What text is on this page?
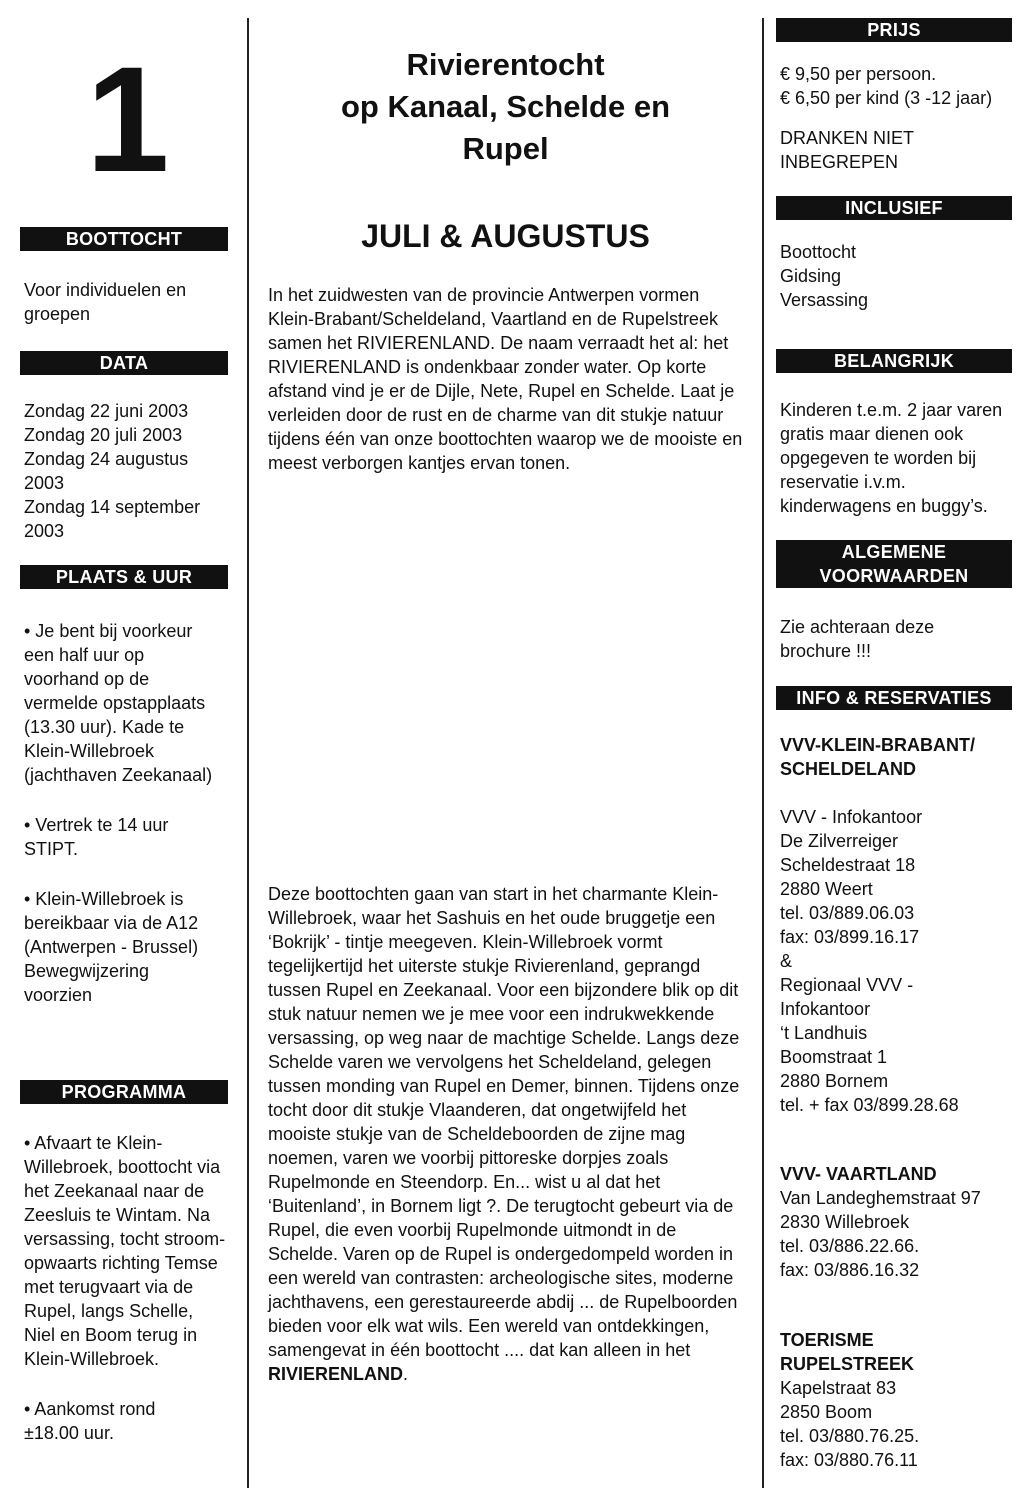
1
BOOTTOCHT
Voor individuelen en groepen
DATA
Zondag 22 juni 2003
Zondag 20 juli 2003
Zondag 24 augustus 2003
Zondag 14 september 2003
PLAATS & UUR
• Je bent bij voorkeur een half uur op voorhand op de vermelde opstapplaats (13.30 uur). Kade te Klein-Willebroek (jachthaven Zeekanaal)
• Vertrek te 14 uur STIPT.
• Klein-Willebroek is bereikbaar via de A12 (Antwerpen - Brussel) Bewegwijzering voorzien
PROGRAMMA
• Afvaart te Klein-Willebroek, boottocht via het Zeekanaal naar de Zeesluis te Wintam. Na versassing, tocht stroom-opwaarts richting Temse met terugvaart via de Rupel, langs Schelle, Niel en Boom terug in Klein-Willebroek.
• Aankomst rond ±18.00 uur.
Rivierentocht
op Kanaal, Schelde en
Rupel
JULI & AUGUSTUS
In het zuidwesten van de provincie Antwerpen vormen Klein-Brabant/Scheldeland, Vaartland en de Rupelstreek samen het RIVIERENLAND. De naam verraadt het al: het RIVIERENLAND is ondenkbaar zonder water. Op korte afstand vind je er de Dijle, Nete, Rupel en Schelde. Laat je verleiden door de rust en de charme van dit stukje natuur tijdens één van onze boottochten waarop we de mooiste en meest verborgen kantjes ervan tonen.
Deze boottochten gaan van start in het charmante Klein-Willebroek, waar het Sashuis en het oude bruggetje een ‘Bokrijk’ - tintje meegeven. Klein-Willebroek vormt tegelijkertijd het uiterste stukje Rivierenland, geprangd tussen Rupel en Zeekanaal. Voor een bijzondere blik op dit stuk natuur nemen we je mee voor een indrukwekkende versassing, op weg naar de machtige Schelde. Langs deze Schelde varen we vervolgens het Scheldeland, gelegen tussen monding van Rupel en Demer, binnen. Tijdens onze tocht door dit stukje Vlaanderen, dat ongetwijfeld het mooiste stukje van de Scheldeboorden de zijne mag noemen, varen we voorbij pittoreske dorpjes zoals Rupelmonde en Steendorp. En... wist u al dat het ‘Buitenland’, in Bornem ligt ?. De terugtocht gebeurt via de Rupel, die even voorbij Rupelmonde uitmondt in de Schelde. Varen op de Rupel is ondergedompeld worden in een wereld van contrasten: archeologische sites, moderne jachthavens, een gerestaureerde abdij ... de Rupelboorden bieden voor elk wat wils. Een wereld van ontdekkingen, samengevat in één boottocht .... dat kan alleen in het RIVIERENLAND.
PRIJS
€ 9,50 per persoon.
€ 6,50 per kind (3 -12 jaar)
DRANKEN NIET
INBEGREPEN
INCLUSIEF
Boottocht
Gidsing
Versassing
BELANGRIJK
Kinderen t.e.m. 2 jaar varen gratis maar dienen ook opgegeven te worden bij reservatie i.v.m. kinderwagens en buggy’s.
ALGEMENE
VOORWAARDEN
Zie achteraan deze brochure !!!
INFO & RESERVATIES
VVV-KLEIN-BRABANT/
SCHELDELAND
VVV - Infokantoor
De Zilverreiger
Scheldestraat 18
2880 Weert
tel. 03/889.06.03
fax: 03/899.16.17
&
Regionaal VVV -
Infokantoor
‘t Landhuis
Boomstraat 1
2880 Bornem
tel. + fax 03/899.28.68
VVV- VAARTLAND
Van Landeghemstraat 97
2830 Willebroek
tel. 03/886.22.66.
fax: 03/886.16.32
TOERISME
RUPELSTREEK
Kapelstraat 83
2850 Boom
tel. 03/880.76.25.
fax: 03/880.76.11
